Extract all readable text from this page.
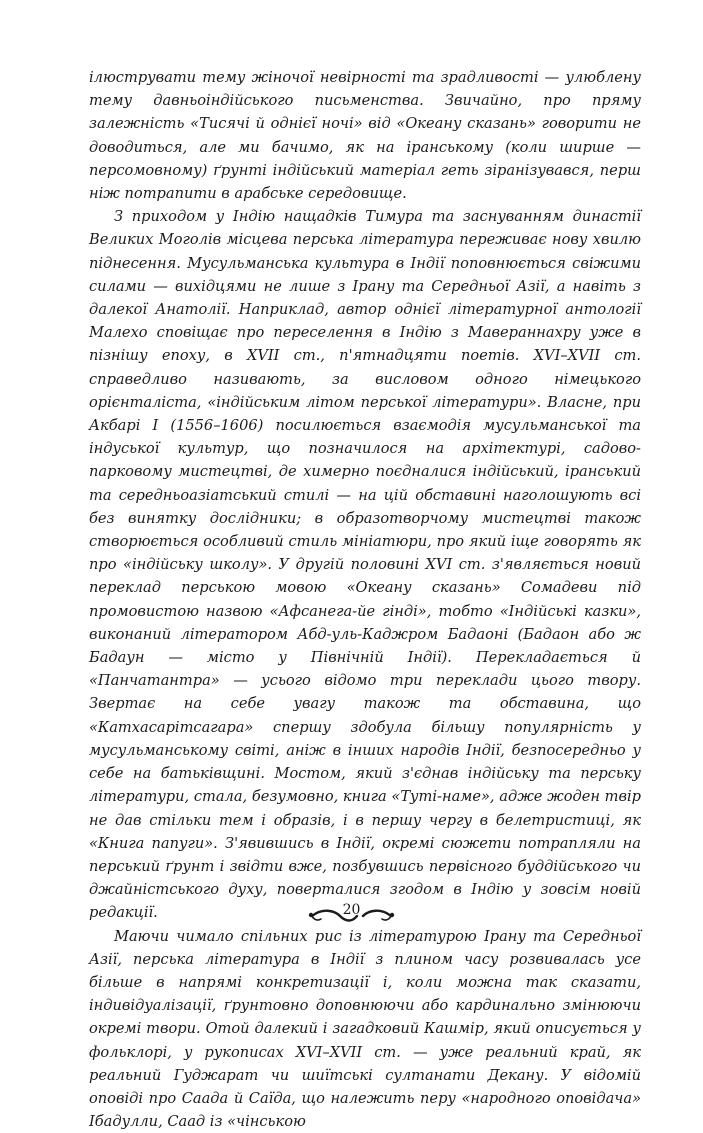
ілюструвати тему жіночої невірності та зрадливості — улюблену тему давньоіндійського письменства. Звичайно, про пряму залежність «Тисячі й однієї ночі» від «Океану сказань» говорити не доводиться, але ми бачимо, як на іранському (коли ширше — персомовному) ґрунті індійський матеріал геть зіранізувався, перш ніж потрапити в арабське середовище.

З приходом у Індію нащадків Тимура та заснуванням династії Великих Моголів місцева перська література переживає нову хвилю піднесення. Мусульманська культура в Індії поповнюється свіжими силами — вихідцями не лише з Ірану та Середньої Азії, а навіть з далекої Анатолії. Наприклад, автор однієї літературної антології Малехо сповіщає про переселення в Індію з Мавераннахру уже в пізнішу епоху, в XVII ст., п'ятнадцяти поетів. XVI–XVII ст. справедливо називають, за висловом одного німецького орієнталіста, «індійським літом перської літератури». Власне, при Акбарі І (1556–1606) посилюється взаємодія мусульманської та індуської культур, що позначилося на архітектурі, садово-парковому мистецтві, де химерно поєдналися індійський, іранський та середньоазіатський стилі — на цій обставині наголошують всі без винятку дослідники; в образотворчому мистецтві також створюється особливий стиль мініатюри, про який іще говорять як про «індійську школу». У другій половині XVI ст. з'являється новий переклад перською мовою «Океану сказань» Сомадеви під промовистою назвою «Афсанега-йе гінді», тобто «Індійські казки», виконаний літератором Абд-уль-Каджром Бадаоні (Бадаон або ж Бадаун — місто у Північній Індії). Перекладається й «Панчатантра» — усього відомо три переклади цього твору. Звертає на себе увагу також та обставина, що «Катхасарітсагара» спершу здобула більшу популярність у мусульманському світі, аніж в інших народів Індії, безпосередньо у себе на батьківщині. Мостом, який з'єднав індійську та перську літератури, стала, безумовно, книга «Туті-наме», адже жоден твір не дав стільки тем і образів, і в першу чергу в белетристиці, як «Книга папуги». З'явившись в Індії, окремі сюжети потрапляли на перський ґрунт і звідти вже, позбувшись первісного буддійського чи джайністського духу, поверталися згодом в Індію у зовсім новій редакції.

Маючи чимало спільних рис із літературою Ірану та Середньої Азії, перська література в Індії з плином часу розвивалась усе більше в напрямі конкретизації і, коли можна так сказати, індивідуалізації, ґрунтовно доповнюючи або кардинально змінюючи окремі твори. Отой далекий і загадковий Кашмір, який описується у фольклорі, у рукописах XVI–XVII ст. — уже реальний край, як реальний Гуджарат чи шиїтські султанати Декану. У відомій оповіді про Саада й Саїда, що належить перу «народного оповідача» Ібадулли, Саад із «чінською

20
